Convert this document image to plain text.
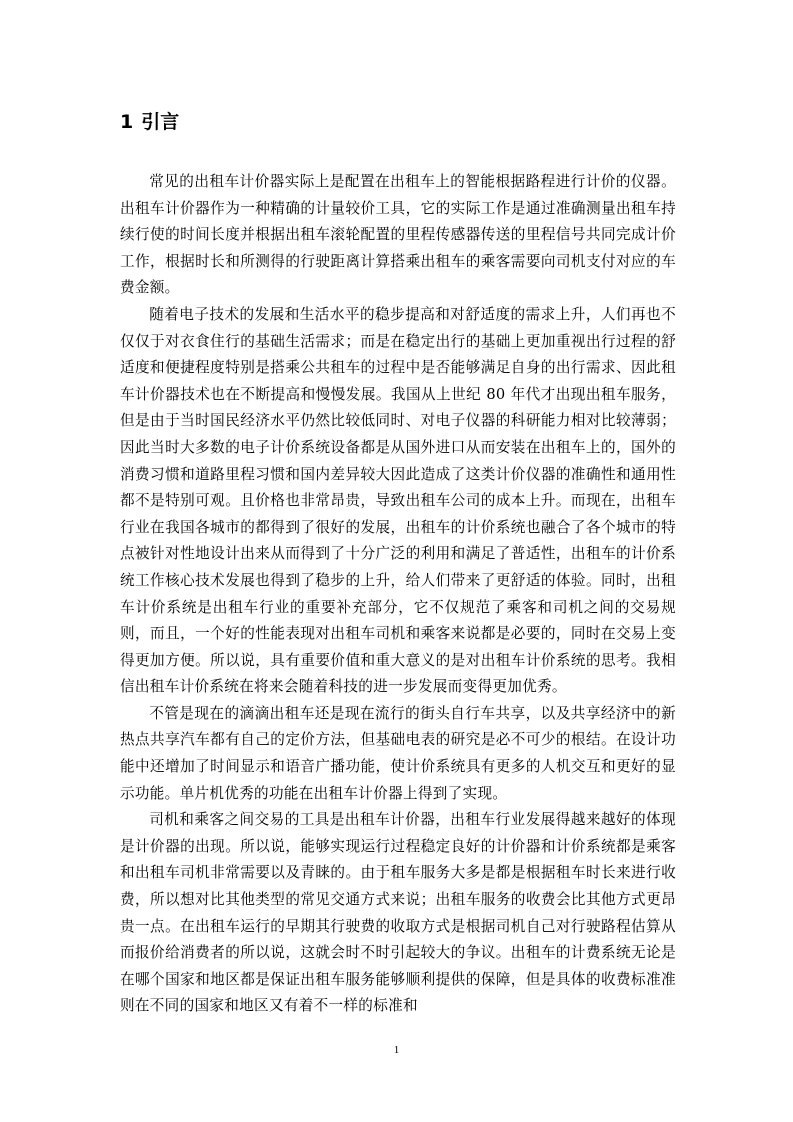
1 引言

常见的出租车计价器实际上是配置在出租车上的智能根据路程进行计价的仪器。出租车计价器作为一种精确的计量较价工具，它的实际工作是通过准确测量出租车持续行使的时间长度并根据出租车滚轮配置的里程传感器传送的里程信号共同完成计价工作，根据时长和所测得的行驶距离计算搭乘出租车的乘客需要向司机支付对应的车费金额。

随着电子技术的发展和生活水平的稳步提高和对舒适度的需求上升，人们再也不仅仅于对衣食住行的基础生活需求；而是在稳定出行的基础上更加重视出行过程的舒适度和便捷程度特别是搭乘公共租车的过程中是否能够满足自身的出行需求、因此租车计价器技术也在不断提高和慢慢发展。我国从上世纪 80 年代才出现出租车服务，但是由于当时国民经济水平仍然比较低同时、对电子仪器的科研能力相对比较薄弱；因此当时大多数的电子计价系统设备都是从国外进口从而安装在出租车上的，国外的消费习惯和道路里程习惯和国内差异较大因此造成了这类计价仪器的准确性和通用性都不是特别可观。且价格也非常昂贵，导致出租车公司的成本上升。而现在，出租车行业在我国各城市的都得到了很好的发展，出租车的计价系统也融合了各个城市的特点被针对性地设计出来从而得到了十分广泛的利用和满足了普适性，出租车的计价系统工作核心技术发展也得到了稳步的上升，给人们带来了更舒适的体验。同时，出租车计价系统是出租车行业的重要补充部分，它不仅规范了乘客和司机之间的交易规则，而且，一个好的性能表现对出租车司机和乘客来说都是必要的，同时在交易上变得更加方便。所以说，具有重要价值和重大意义的是对出租车计价系统的思考。我相信出租车计价系统在将来会随着科技的进一步发展而变得更加优秀。

不管是现在的滴滴出租车还是现在流行的街头自行车共享，以及共享经济中的新热点共享汽车都有自己的定价方法，但基础电表的研究是必不可少的根结。在设计功能中还增加了时间显示和语音广播功能，使计价系统具有更多的人机交互和更好的显示功能。单片机优秀的功能在出租车计价器上得到了实现。

司机和乘客之间交易的工具是出租车计价器，出租车行业发展得越来越好的体现是计价器的出现。所以说，能够实现运行过程稳定良好的计价器和计价系统都是乘客和出租车司机非常需要以及青睐的。由于租车服务大多是都是根据租车时长来进行收费，所以想对比其他类型的常见交通方式来说；出租车服务的收费会比其他方式更昂贵一点。在出租车运行的早期其行驶费的收取方式是根据司机自己对行驶路程估算从而报价给消费者的所以说，这就会时不时引起较大的争议。出租车的计费系统无论是在哪个国家和地区都是保证出租车服务能够顺利提供的保障，但是具体的收费标准准则在不同的国家和地区又有着不一样的标准和

1
